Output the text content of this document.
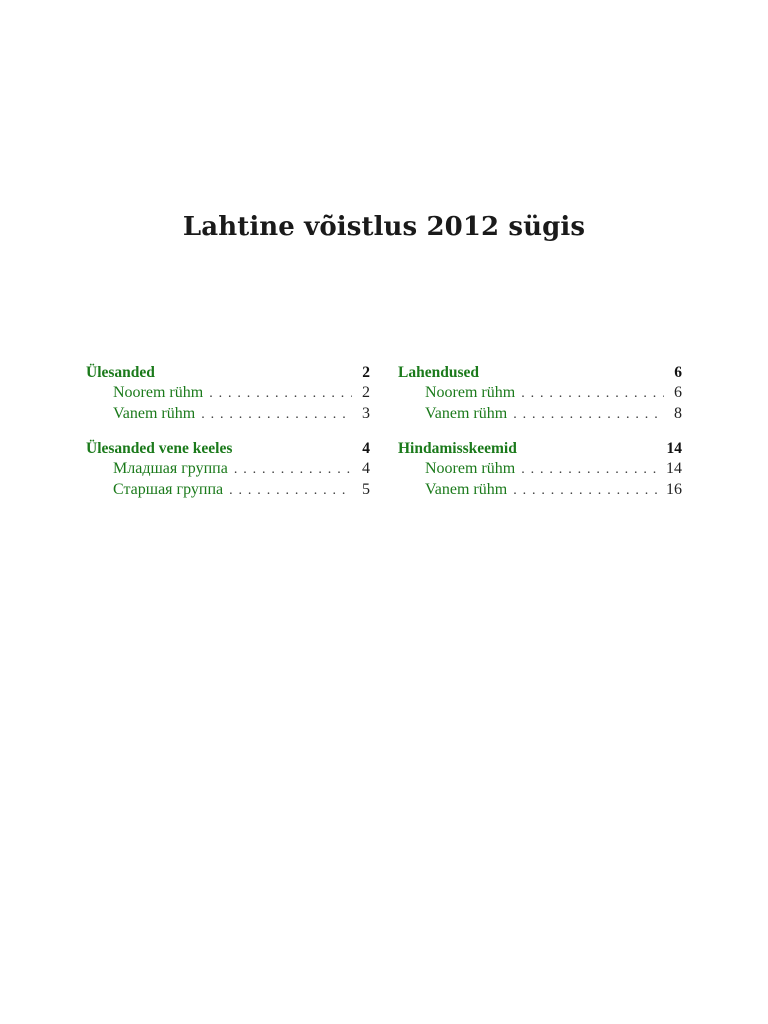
Lahtine võistlus 2012 sügis
Ülesanded	2
Noorem rühm . . .	2
Vanem rühm . . .	3
Ülesanded vene keeles	4
Младшая группа . . .	4
Старшая группа . . .	5
Lahendused	6
Noorem rühm . . .	6
Vanem rühm . . .	8
Hindamisskeemid	14
Noorem rühm . . .	14
Vanem rühm . . .	16
